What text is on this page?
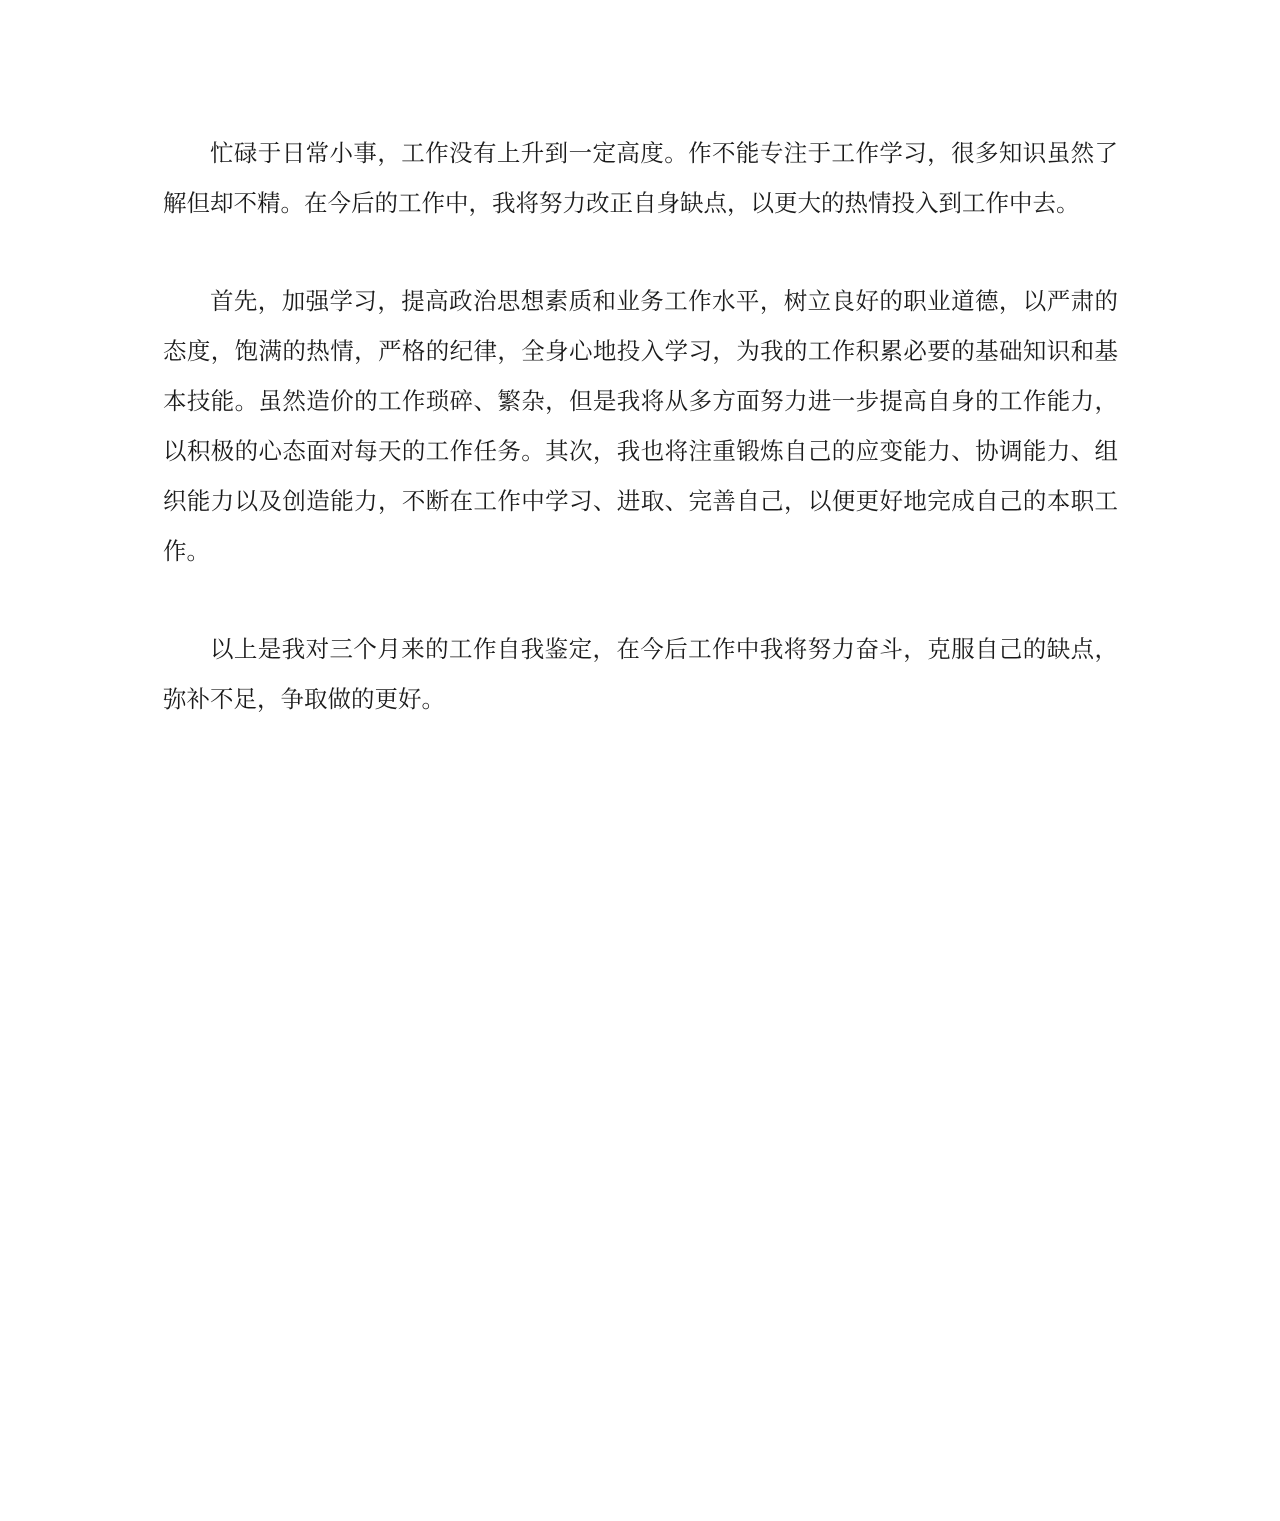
忙碌于日常小事，工作没有上升到一定高度。作不能专注于工作学习，很多知识虽然了解但却不精。在今后的工作中，我将努力改正自身缺点，以更大的热情投入到工作中去。

首先，加强学习，提高政治思想素质和业务工作水平，树立良好的职业道德，以严肃的态度，饱满的热情，严格的纪律，全身心地投入学习，为我的工作积累必要的基础知识和基本技能。虽然造价的工作琐碎、繁杂，但是我将从多方面努力进一步提高自身的工作能力，以积极的心态面对每天的工作任务。其次，我也将注重锻炼自己的应变能力、协调能力、组织能力以及创造能力，不断在工作中学习、进取、完善自己，以便更好地完成自己的本职工作。

以上是我对三个月来的工作自我鉴定，在今后工作中我将努力奋斗，克服自己的缺点，弥补不足，争取做的更好。
